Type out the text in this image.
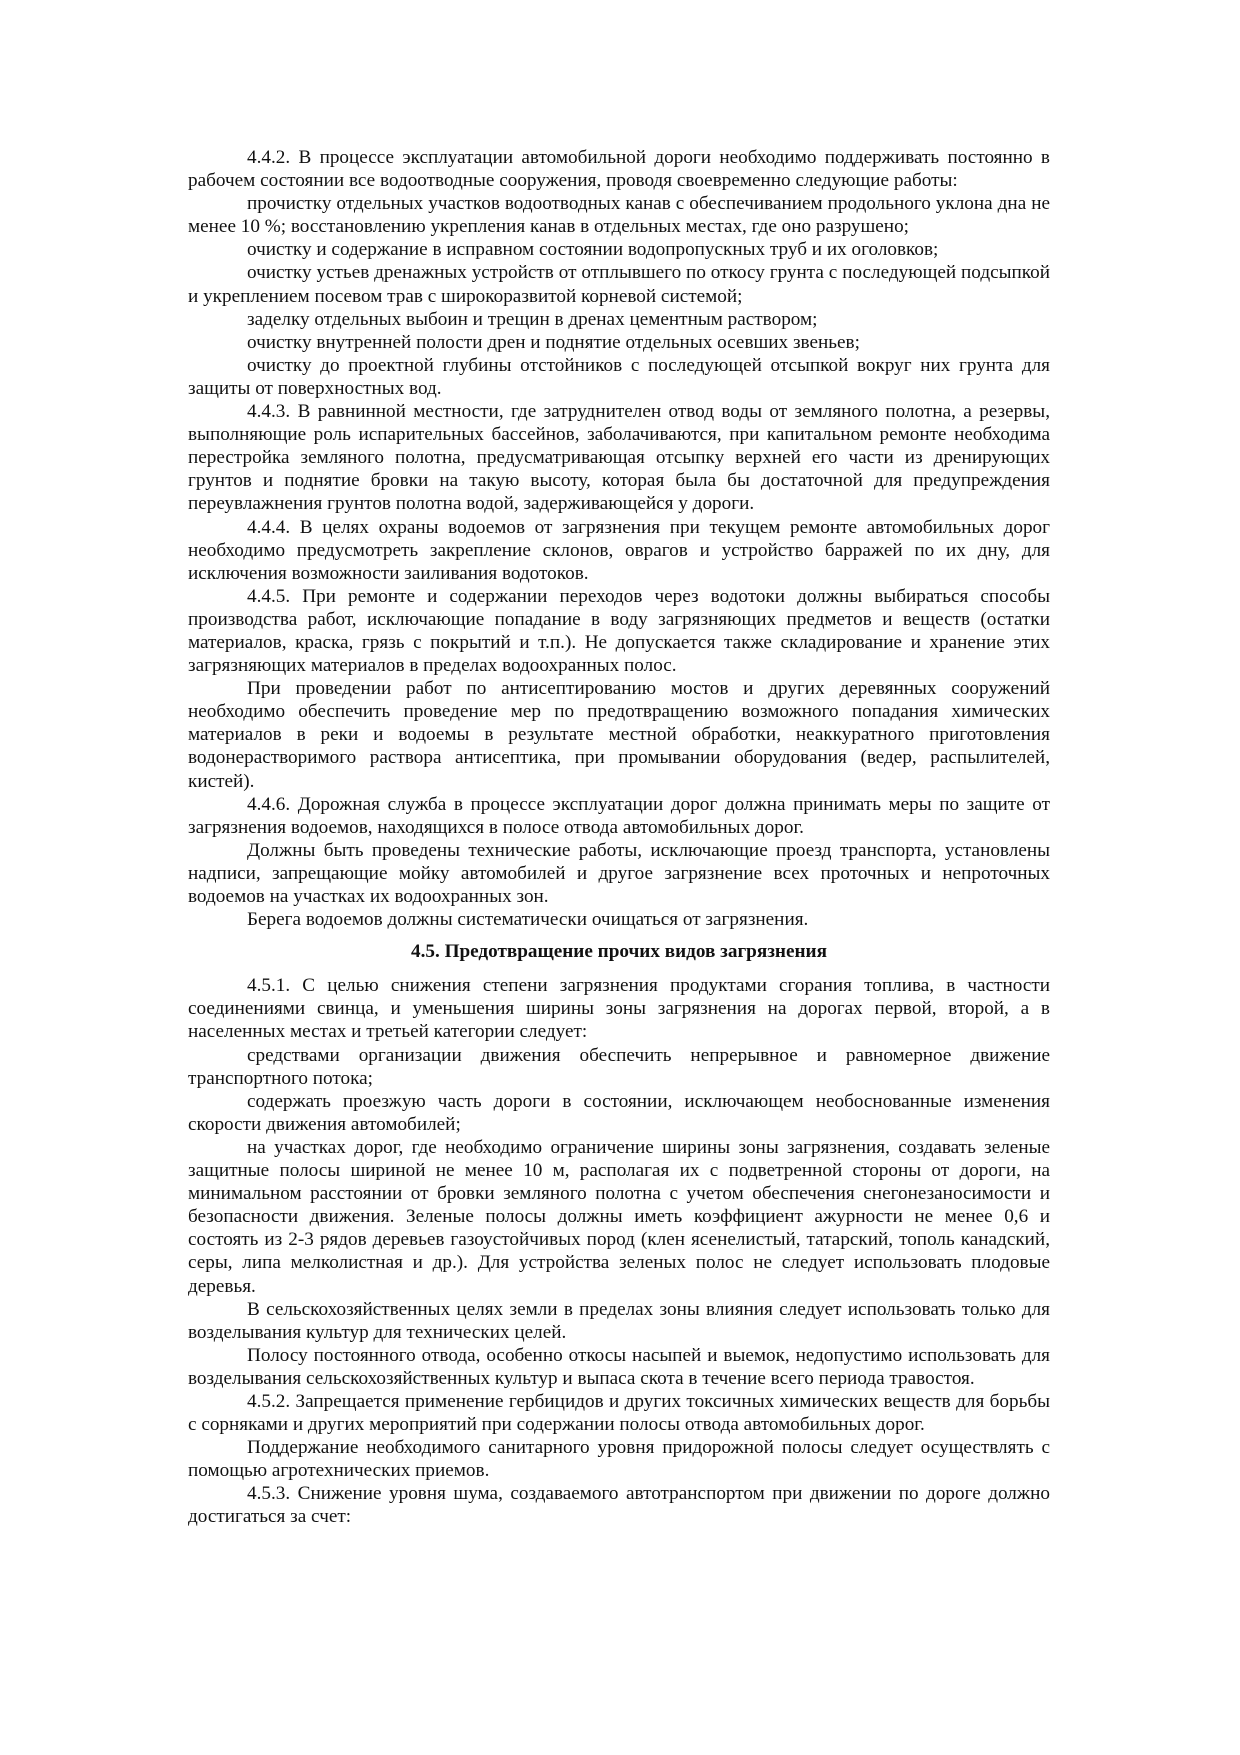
4.4.2. В процессе эксплуатации автомобильной дороги необходимо поддерживать постоянно в рабочем состоянии все водоотводные сооружения, проводя своевременно следующие работы:

прочистку отдельных участков водоотводных канав с обеспечиванием продольного уклона дна не менее 10 %; восстановлению укрепления канав в отдельных местах, где оно разрушено;

очистку и содержание в исправном состоянии водопропускных труб и их оголовков;

очистку устьев дренажных устройств от отплывшего по откосу грунта с последующей подсыпкой и укреплением посевом трав с широкоразвитой корневой системой;

заделку отдельных выбоин и трещин в дренах цементным раствором;

очистку внутренней полости дрен и поднятие отдельных осевших звеньев;

очистку до проектной глубины отстойников с последующей отсыпкой вокруг них грунта для защиты от поверхностных вод.

4.4.3. В равнинной местности, где затруднителен отвод воды от земляного полотна, а резервы, выполняющие роль испарительных бассейнов, заболачиваются, при капитальном ремонте необходима перестройка земляного полотна, предусматривающая отсыпку верхней его части из дренирующих грунтов и поднятие бровки на такую высоту, которая была бы достаточной для предупреждения переувлажнения грунтов полотна водой, задерживающейся у дороги.

4.4.4. В целях охраны водоемов от загрязнения при текущем ремонте автомобильных дорог необходимо предусмотреть закрепление склонов, оврагов и устройство барражей по их дну, для исключения возможности заиливания водотоков.

4.4.5. При ремонте и содержании переходов через водотоки должны выбираться способы производства работ, исключающие попадание в воду загрязняющих предметов и веществ (остатки материалов, краска, грязь с покрытий и т.п.). Не допускается также складирование и хранение этих загрязняющих материалов в пределах водоохранных полос.

При проведении работ по антисептированию мостов и других деревянных сооружений необходимо обеспечить проведение мер по предотвращению возможного попадания химических материалов в реки и водоемы в результате местной обработки, неаккуратного приготовления водонерастворимого раствора антисептика, при промывании оборудования (ведер, распылителей, кистей).

4.4.6. Дорожная служба в процессе эксплуатации дорог должна принимать меры по защите от загрязнения водоемов, находящихся в полосе отвода автомобильных дорог.

Должны быть проведены технические работы, исключающие проезд транспорта, установлены надписи, запрещающие мойку автомобилей и другое загрязнение всех проточных и непроточных водоемов на участках их водоохранных зон.

Берега водоемов должны систематически очищаться от загрязнения.

4.5. Предотвращение прочих видов загрязнения

4.5.1. С целью снижения степени загрязнения продуктами сгорания топлива, в частности соединениями свинца, и уменьшения ширины зоны загрязнения на дорогах первой, второй, а в населенных местах и третьей категории следует:

средствами организации движения обеспечить непрерывное и равномерное движение транспортного потока;

содержать проезжую часть дороги в состоянии, исключающем необоснованные изменения скорости движения автомобилей;

на участках дорог, где необходимо ограничение ширины зоны загрязнения, создавать зеленые защитные полосы шириной не менее 10 м, располагая их с подветренной стороны от дороги, на минимальном расстоянии от бровки земляного полотна с учетом обеспечения снегонезаносимости и безопасности движения. Зеленые полосы должны иметь коэффициент ажурности не менее 0,6 и состоять из 2-3 рядов деревьев газоустойчивых пород (клен ясенелистый, татарский, тополь канадский, серы, липа мелколистная и др.). Для устройства зеленых полос не следует использовать плодовые деревья.

В сельскохозяйственных целях земли в пределах зоны влияния следует использовать только для возделывания культур для технических целей.

Полосу постоянного отвода, особенно откосы насыпей и выемок, недопустимо использовать для возделывания сельскохозяйственных культур и выпаса скота в течение всего периода травостоя.

4.5.2. Запрещается применение гербицидов и других токсичных химических веществ для борьбы с сорняками и других мероприятий при содержании полосы отвода автомобильных дорог.

Поддержание необходимого санитарного уровня придорожной полосы следует осуществлять с помощью агротехнических приемов.

4.5.3. Снижение уровня шума, создаваемого автотранспортом при движении по дороге должно достигаться за счет:
